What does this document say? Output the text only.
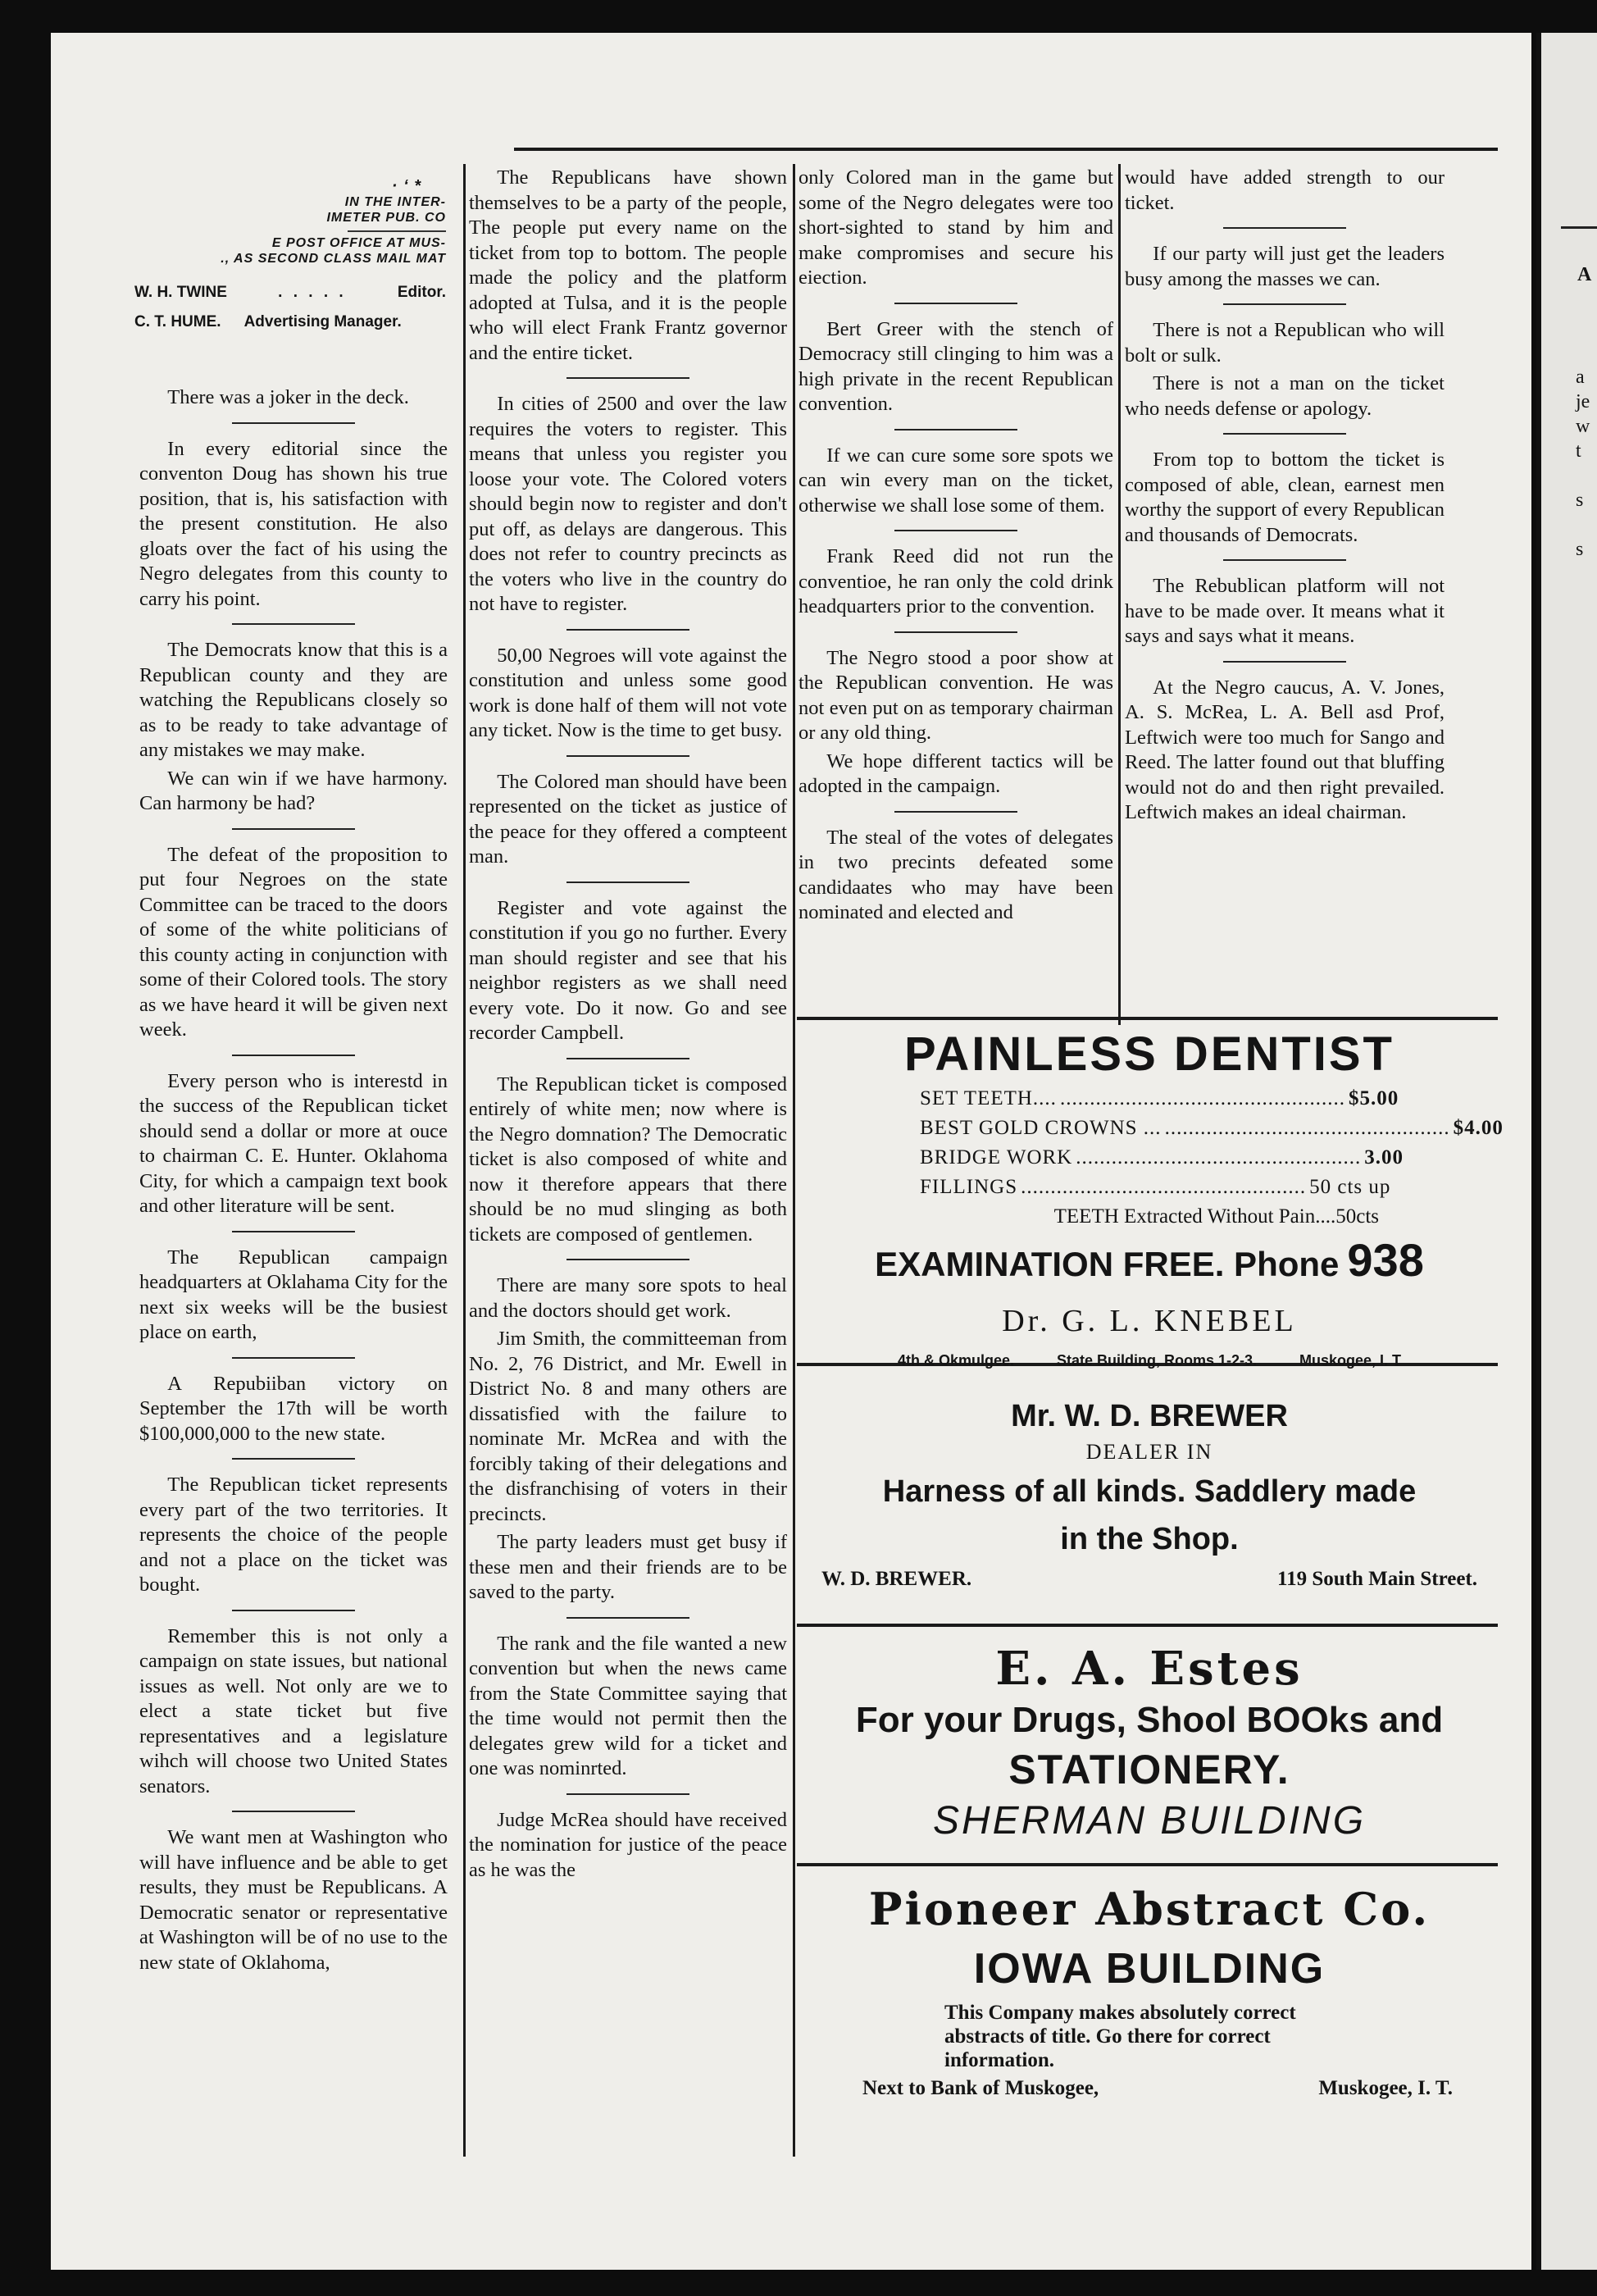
· ‘ *
IN THE INTER-
IMETER PUB. CO
E POST OFFICE AT MUS-
., AS SECOND CLASS MAIL MAT
W. H. TWINE	. . . . .	Editor.
C. T. HUME. Advertising Manager.

There was a joker in the deck.

In every editorial since the conventon Doug has shown his true position, that is, his satisfaction with the present constitution. He also gloats over the fact of his using the Negro delegates from this county to carry his point.

The Democrats know that this is a Republican county and they are watching the Republicans closely so as to be ready to take advantage of any mistakes we may make.

We can win if we have harmony. Can harmony be had?

The defeat of the proposition to put four Negroes on the state Committee can be traced to the doors of some of the white politicians of this county acting in conjunction with some of their Colored tools. The story as we have heard it will be given next week.

Every person who is interestd in the success of the Republican ticket should send a dollar or more at ouce to chairman C. E. Hunter. Oklahoma City, for which a campaign text book and other literature will be sent.

The Republican campaign headquarters at Oklahama City for the next six weeks will be the busiest place on earth,

A Repubiiban victory on September the 17th will be worth $100,000,000 to the new state.

The Republican ticket represents every part of the two territories. It represents the choice of the people and not a place on the ticket was bought.

Remember this is not only a campaign on state issues, but national issues as well. Not only are we to elect a state ticket but five representatives and a legislature wihch will choose two United States senators.

We want men at Washington who will have influence and be able to get results, they must be Republicans. A Democratic senator or representative at Washington will be of no use to the new state of Oklahoma,

The Republicans have shown themselves to be a party of the people, The people put every name on the ticket from top to bottom. The people made the policy and the platform adopted at Tulsa, and it is the people who will elect Frank Frantz governor and the entire ticket.

In cities of 2500 and over the law requires the voters to register. This means that unless you register you loose your vote. The Colored voters should begin now to register and don't put off, as delays are dangerous. This does not refer to country precincts as the voters who live in the country do not have to register.

50,00 Negroes will vote against the constitution and unless some good work is done half of them will not vote any ticket. Now is the time to get busy.

The Colored man should have been represented on the ticket as justice of the peace for they offered a compteent man.

Register and vote against the constitution if you go no further. Every man should register and see that his neighbor registers as we shall need every vote. Do it now. Go and see recorder Campbell.

The Republican ticket is composed entirely of white men; now where is the Negro domnation? The Democratic ticket is also composed of white and now it therefore appears that there should be no mud slinging as both tickets are composed of gentlemen.

There are many sore spots to heal and the doctors should get work.

Jim Smith, the committeeman from No. 2, 76 District, and Mr. Ewell in District No. 8 and many others are dissatisfied with the failure to nominate Mr. McRea and with the forcibly taking of their delegations and the disfranchising of voters in their precincts.

The party leaders must get busy if these men and their friends are to be saved to the party.

The rank and the file wanted a new convention but when the news came from the State Committee saying that the time would not permit then the delegates grew wild for a ticket and one was nominrted.

Judge McRea should have received the nomination for justice of the peace as he was the

only Colored man in the game but some of the Negro delegates were too short-sighted to stand by him and make compromises and secure his eiection.

Bert Greer with the stench of Democracy still clinging to him was a high private in the recent Republican convention.

If we can cure some sore spots we can win every man on the ticket, otherwise we shall lose some of them.

Frank Reed did not run the conventioe, he ran only the cold drink headquarters prior to the convention.

The Negro stood a poor show at the Republican convention. He was not even put on as temporary chairman or any old thing.

We hope different tactics will be adopted in the campaign.

The steal of the votes of delegates in two precints defeated some candidaates who may have been nominated and elected and

would have added strength to our ticket.

If our party will just get the leaders busy among the masses we can.

There is not a Republican who will bolt or sulk.

There is not a man on the ticket who needs defense or apology.

From top to bottom the ticket is composed of able, clean, earnest men worthy the support of every Republican and thousands of Democrats.

The Rebublican platform will not have to be made over. It means what it says and says what it means.

At the Negro caucus, A. V. Jones, A. S. McRea, L. A. Bell asd Prof, Leftwich were too much for Sango and Reed. The latter found out that bluffing would not do and then right prevailed. Leftwich makes an ideal chairman.

PAINLESS DENTIST
SET TEETH.... ................................................ $5.00
BEST GOLD CROWNS ... ................................................ $4.00
BRIDGE WORK ................................................ 3.00
FILLINGS ................................................ 50 cts up
TEETH Extracted Without Pain....50cts
EXAMINATION FREE. Phone 938
Dr. G. L. KNEBEL
4th & Okmulgee.	State Building, Rooms 1-2-3.	Muskogee, I. T
Mr. W. D. BREWER
DEALER IN
Harness of all kinds. Saddlery made
in the Shop.
W. D. BREWER.	119 South Main Street.
E. A. Estes
For your Drugs, Shool BOOks and
STATIONERY.
SHERMAN BUILDING
Pioneer Abstract Co.
IOWA BUILDING
This Company makes absolutely correct abstracts of title. Go there for correct information.
Next to Bank of Muskogee,	Muskogee, I. T.
A
a
je
w
t
s
s
